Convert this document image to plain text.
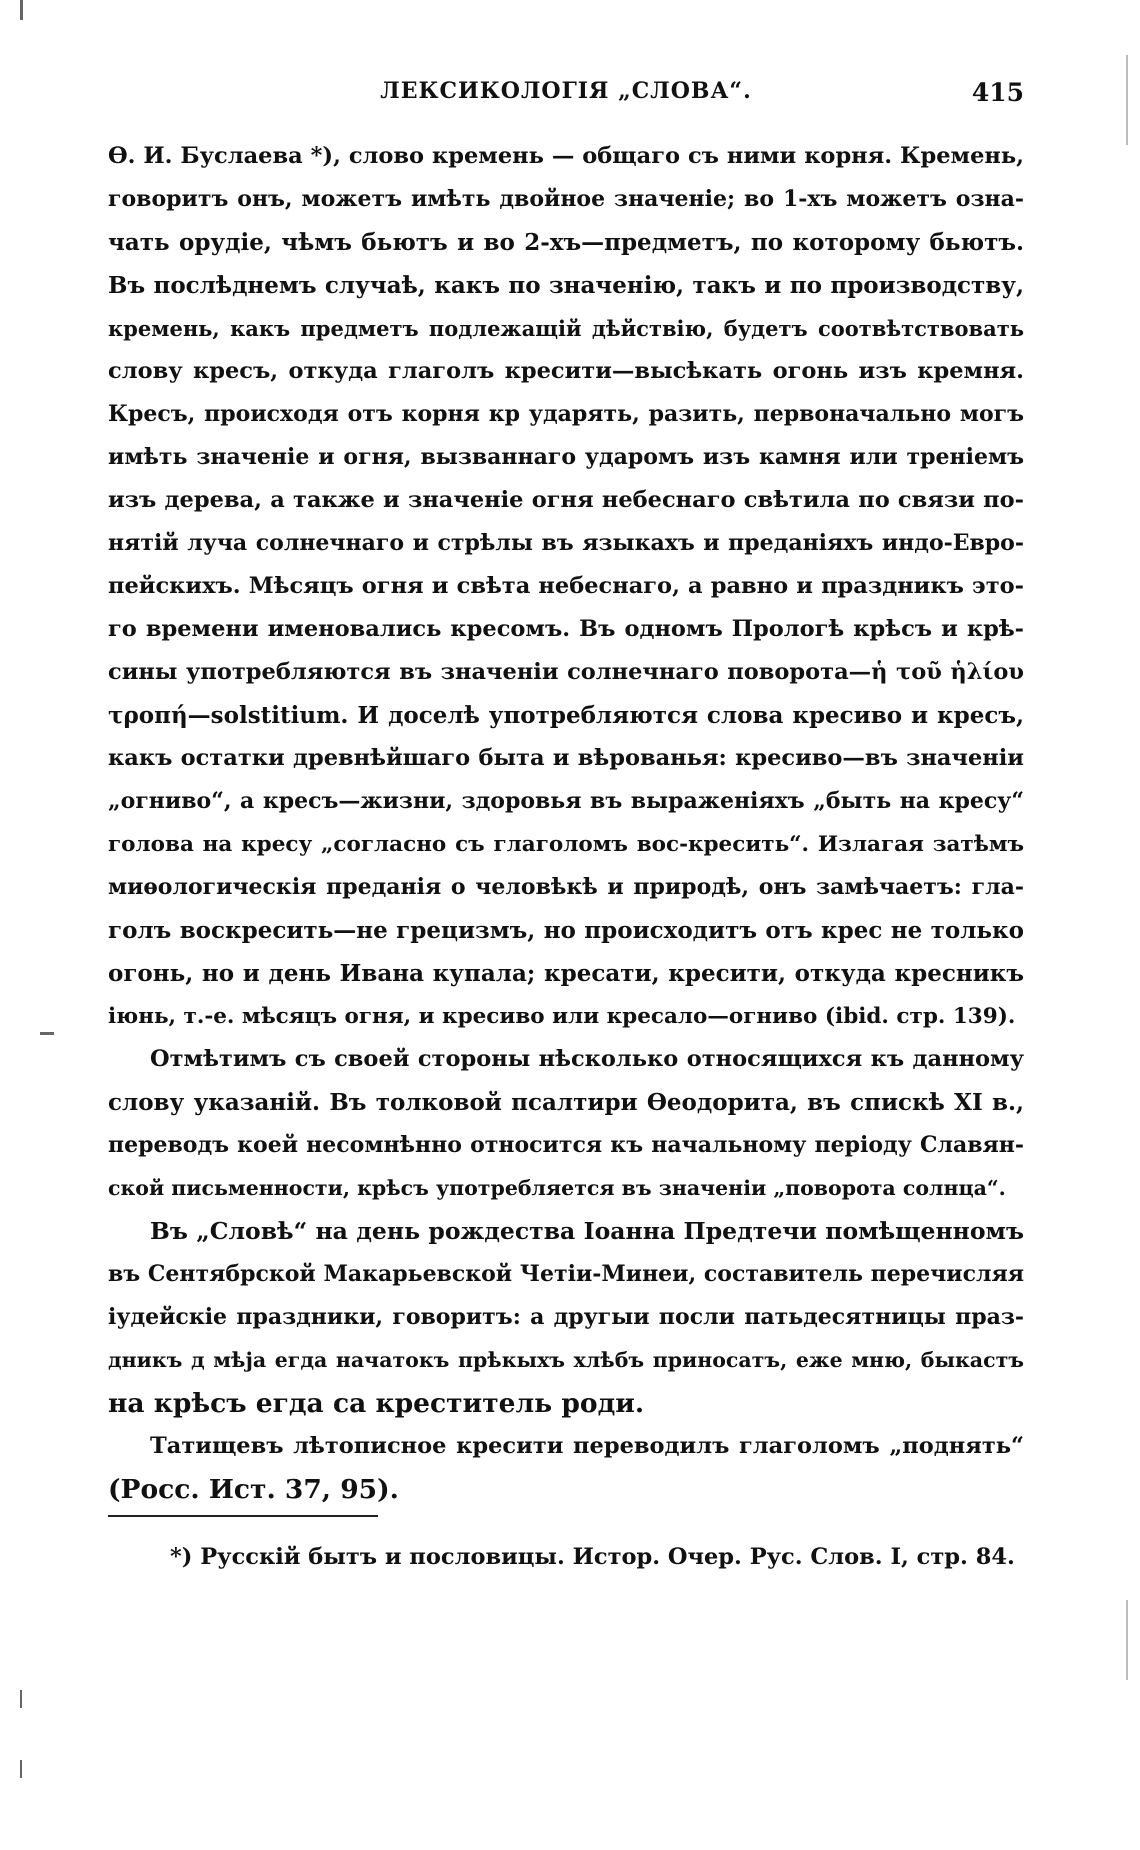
ЛЕКСИКОЛОГІЯ „СЛОВА“.	415
Ѳ. И. Буслаева *), слово кремень — общаго съ ними корня. Кремень,
говоритъ онъ, можетъ имѣть двойное значеніе; во 1-хъ можетъ озна-
чать орудіе, чѣмъ бьютъ и во 2-хъ—предметъ, по которому бьютъ.
Въ послѣднемъ случаѣ, какъ по значенію, такъ и по производству,
кремень, какъ предметъ подлежащій дѣйствію, будетъ соотвѣтствовать
слову кресъ, откуда глаголъ кресити—высѣкать огонь изъ кремня.
Кресъ, происходя отъ корня кр ударять, разить, первоначально могъ
имѣть значеніе и огня, вызваннаго ударомъ изъ камня или треніемъ
изъ дерева, а также и значеніе огня небеснаго свѣтила по связи по-
нятій луча солнечнаго и стрѣлы въ языкахъ и преданіяхъ индо-Евро-
пейскихъ. Мѣсяцъ огня и свѣта небеснаго, а равно и праздникъ это-
го времени именовались кресомъ. Въ одномъ Прологѣ крѣсъ и крѣ-
сины употребляются въ значеніи солнечнаго поворота—ἡ τοῦ ἡλίου
τροπή—solstitium. И доселѣ употребляются слова кресиво и кресъ,
какъ остатки древнѣйшаго быта и вѣрованья: кресиво—въ значеніи
„огниво“, а кресъ—жизни, здоровья въ выраженіяхъ „быть на кресу“
голова на кресу „согласно съ глаголомъ вос-кресить“. Излагая затѣмъ
миѳологическія преданія о человѣкѣ и природѣ, онъ замѣчаетъ: гла-
голъ воскресить—не грецизмъ, но происходитъ отъ крес не только
огонь, но и день Ивана купала; кресати, кресити, откуда кресникъ
іюнь, т.-е. мѣсяцъ огня, и кресиво или кресало—огниво (ibid. стр. 139).
Отмѣтимъ съ своей стороны нѣсколько относящихся къ данному
слову указаній. Въ толковой псалтири Ѳеодорита, въ спискѣ XI в.,
переводъ коей несомнѣнно относится къ начальному періоду Славян-
ской письменности, крѣсъ употребляется въ значеніи „поворота солнца“.
Въ „Словѣ“ на день рождества Іоанна Предтечи помѣщенномъ
въ Сентябрской Макарьевской Четіи-Минеи, составитель перечисляя
іудейскіе праздники, говоритъ: а другыи посли патьдесятницы праз-
дникъ д мѣја егда начатокъ прѣкыхъ хлѣбъ приносатъ, еже мню, быкастъ
на крѣсъ егда са креститель роди.
Татищевъ лѣтописное кресити переводилъ глаголомъ „поднять“
(Росс. Ист. 37, 95).
*) Русскій бытъ и пословицы. Истор. Очер. Рус. Слов. I, стр. 84.
